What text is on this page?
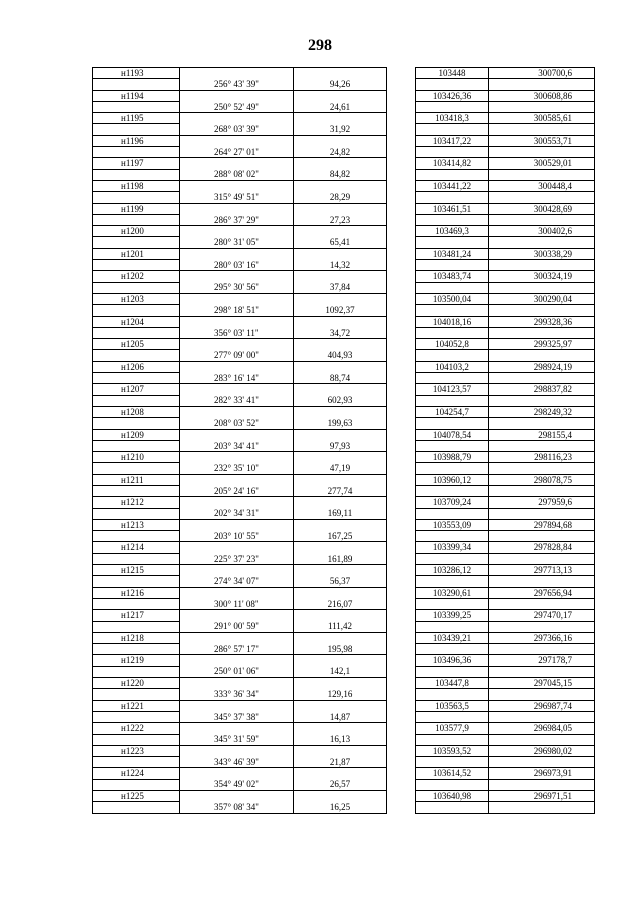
298
н1193				103448	300700,6
	256° 43' 39"	94,26			
н1194				103426,36	300608,86
	250° 52' 49"	24,61			
н1195				103418,3	300585,61
	268° 03' 39"	31,92			
н1196				103417,22	300553,71
	264° 27' 01"	24,82			
н1197				103414,82	300529,01
	288° 08' 02"	84,82			
н1198				103441,22	300448,4
	315° 49' 51"	28,29			
н1199				103461,51	300428,69
	286° 37' 29"	27,23			
н1200				103469,3	300402,6
	280° 31' 05"	65,41			
н1201				103481,24	300338,29
	280° 03' 16"	14,32			
н1202				103483,74	300324,19
	295° 30' 56"	37,84			
н1203				103500,04	300290,04
	298° 18' 51"	1092,37			
н1204				104018,16	299328,36
	356° 03' 11"	34,72			
н1205				104052,8	299325,97
	277° 09' 00"	404,93			
н1206				104103,2	298924,19
	283° 16' 14"	88,74			
н1207				104123,57	298837,82
	282° 33' 41"	602,93			
н1208				104254,7	298249,32
	208° 03' 52"	199,63			
н1209				104078,54	298155,4
	203° 34' 41"	97,93			
н1210				103988,79	298116,23
	232° 35' 10"	47,19			
н1211				103960,12	298078,75
	205° 24' 16"	277,74			
н1212				103709,24	297959,6
	202° 34' 31"	169,11			
н1213				103553,09	297894,68
	203° 10' 55"	167,25			
н1214				103399,34	297828,84
	225° 37' 23"	161,89			
н1215				103286,12	297713,13
	274° 34' 07"	56,37			
н1216				103290,61	297656,94
	300° 11' 08"	216,07			
н1217				103399,25	297470,17
	291° 00' 59"	111,42			
н1218				103439,21	297366,16
	286° 57' 17"	195,98			
н1219				103496,36	297178,7
	250° 01' 06"	142,1			
н1220				103447,8	297045,15
	333° 36' 34"	129,16			
н1221				103563,5	296987,74
	345° 37' 38"	14,87			
н1222				103577,9	296984,05
	345° 31' 59"	16,13			
н1223				103593,52	296980,02
	343° 46' 39"	21,87			
н1224				103614,52	296973,91
	354° 49' 02"	26,57			
н1225				103640,98	296971,51
	357° 08' 34"	16,25			
